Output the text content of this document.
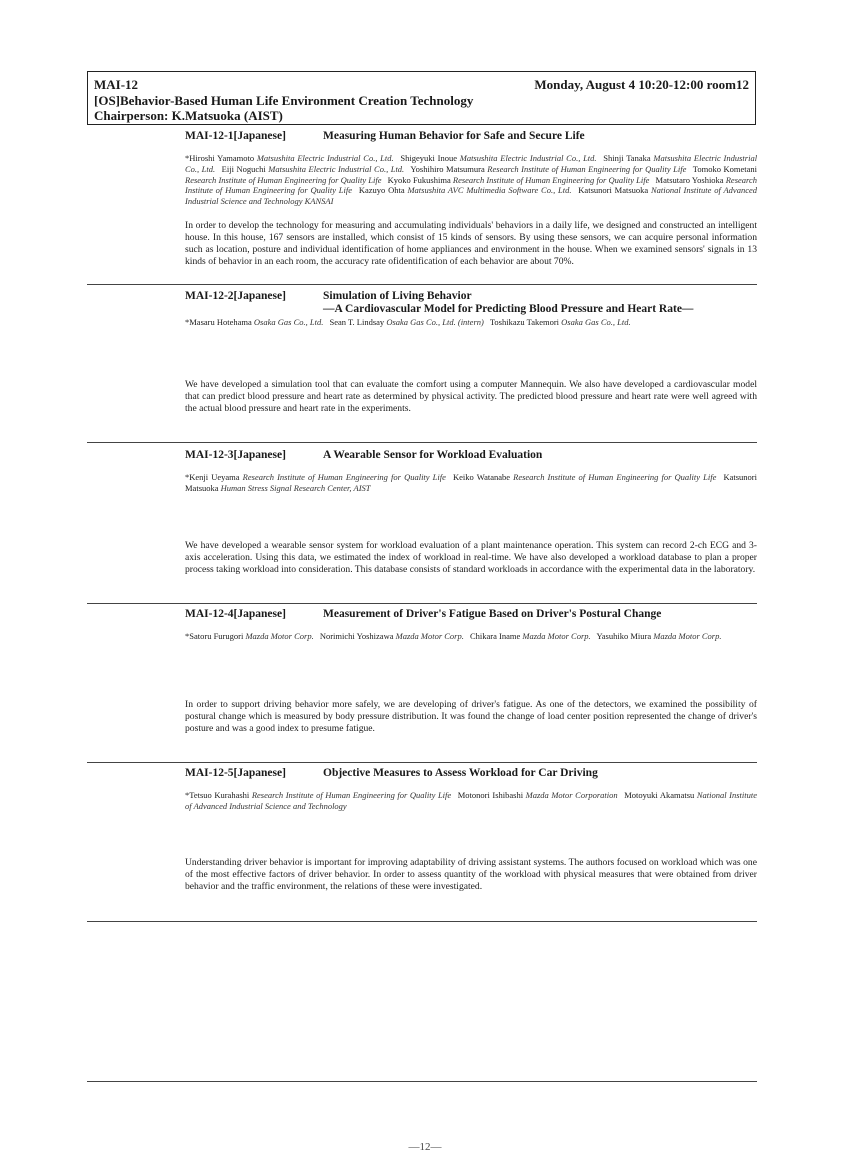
MAI-12	Monday, August 4 10:20-12:00 room12
[OS]Behavior-Based Human Life Environment Creation Technology
Chairperson: K.Matsuoka (AIST)
MAI-12-1[Japanese]	Measuring Human Behavior for Safe and Secure Life
*Hiroshi Yamamoto Matsushita Electric Industrial Co., Ltd. Shigeyuki Inoue Matsushita Electric Industrial Co., Ltd. Shinji Tanaka Matsushita Electric Industrial Co., Ltd. Eiji Noguchi Matsushita Electric Industrial Co., Ltd. Yoshihiro Matsumura Research Institute of Human Engineering for Quality Life Tomoko Kometani Research Institute of Human Engineering for Quality Life Kyoko Fukushima Research Institute of Human Engineering for Quality Life Matsutaro Yoshioka Research Institute of Human Engineering for Quality Life Kazuyo Ohta Matsushita AVC Multimedia Software Co., Ltd. Katsunori Matsuoka National Institute of Advanced Industrial Science and Technology KANSAI

In order to develop the technology for measuring and accumulating individuals' behaviors in a daily life, we designed and constructed an intelligent house. In this house, 167 sensors are installed, which consist of 15 kinds of sensors. By using these sensors, we can acquire personal information such as location, posture and individual identification of home appliances and environment in the house. When we examined sensors' signals in 13 kinds of behavior in an each room, the accuracy rate ofidentification of each behavior are about 70%.

MAI-12-2[Japanese]	Simulation of Living Behavior
—A Cardiovascular Model for Predicting Blood Pressure and Heart Rate—
*Masaru Hotehama Osaka Gas Co., Ltd. Sean T. Lindsay Osaka Gas Co., Ltd. (intern) Toshikazu Takemori Osaka Gas Co., Ltd.

We have developed a simulation tool that can evaluate the comfort using a computer Mannequin. We also have developed a cardiovascular model that can predict blood pressure and heart rate as determined by physical activity. The predicted blood pressure and heart rate were well agreed with the actual blood pressure and heart rate in the experiments.

MAI-12-3[Japanese]	A Wearable Sensor for Workload Evaluation
*Kenji Ueyama Research Institute of Human Engineering for Quality Life Keiko Watanabe Research Institute of Human Engineering for Quality Life Katsunori Matsuoka Human Stress Signal Research Center, AIST

We have developed a wearable sensor system for workload evaluation of a plant maintenance operation. This system can record 2-ch ECG and 3-axis acceleration. Using this data, we estimated the index of workload in real-time. We have also developed a workload database to plan a proper process taking workload into consideration. This database consists of standard workloads in accordance with the experimental data in the laboratory.

MAI-12-4[Japanese]	Measurement of Driver's Fatigue Based on Driver's Postural Change
*Satoru Furugori Mazda Motor Corp. Norimichi Yoshizawa Mazda Motor Corp. Chikara Iname Mazda Motor Corp. Yasuhiko Miura Mazda Motor Corp.

In order to support driving behavior more safely, we are developing of driver's fatigue. As one of the detectors, we examined the possibility of postural change which is measured by body pressure distribution. It was found the change of load center position represented the change of driver's posture and was a good index to presume fatigue.

MAI-12-5[Japanese]	Objective Measures to Assess Workload for Car Driving
*Tetsuo Kurahashi Research Institute of Human Engineering for Quality Life Motonori Ishibashi Mazda Motor Corporation Motoyuki Akamatsu National Institute of Advanced Industrial Science and Technology

Understanding driver behavior is important for improving adaptability of driving assistant systems. The authors focused on workload which was one of the most effective factors of driver behavior. In order to assess quantity of the workload with physical measures that were obtained from driver behavior and the traffic environment, the relations of these were investigated.

—12—
